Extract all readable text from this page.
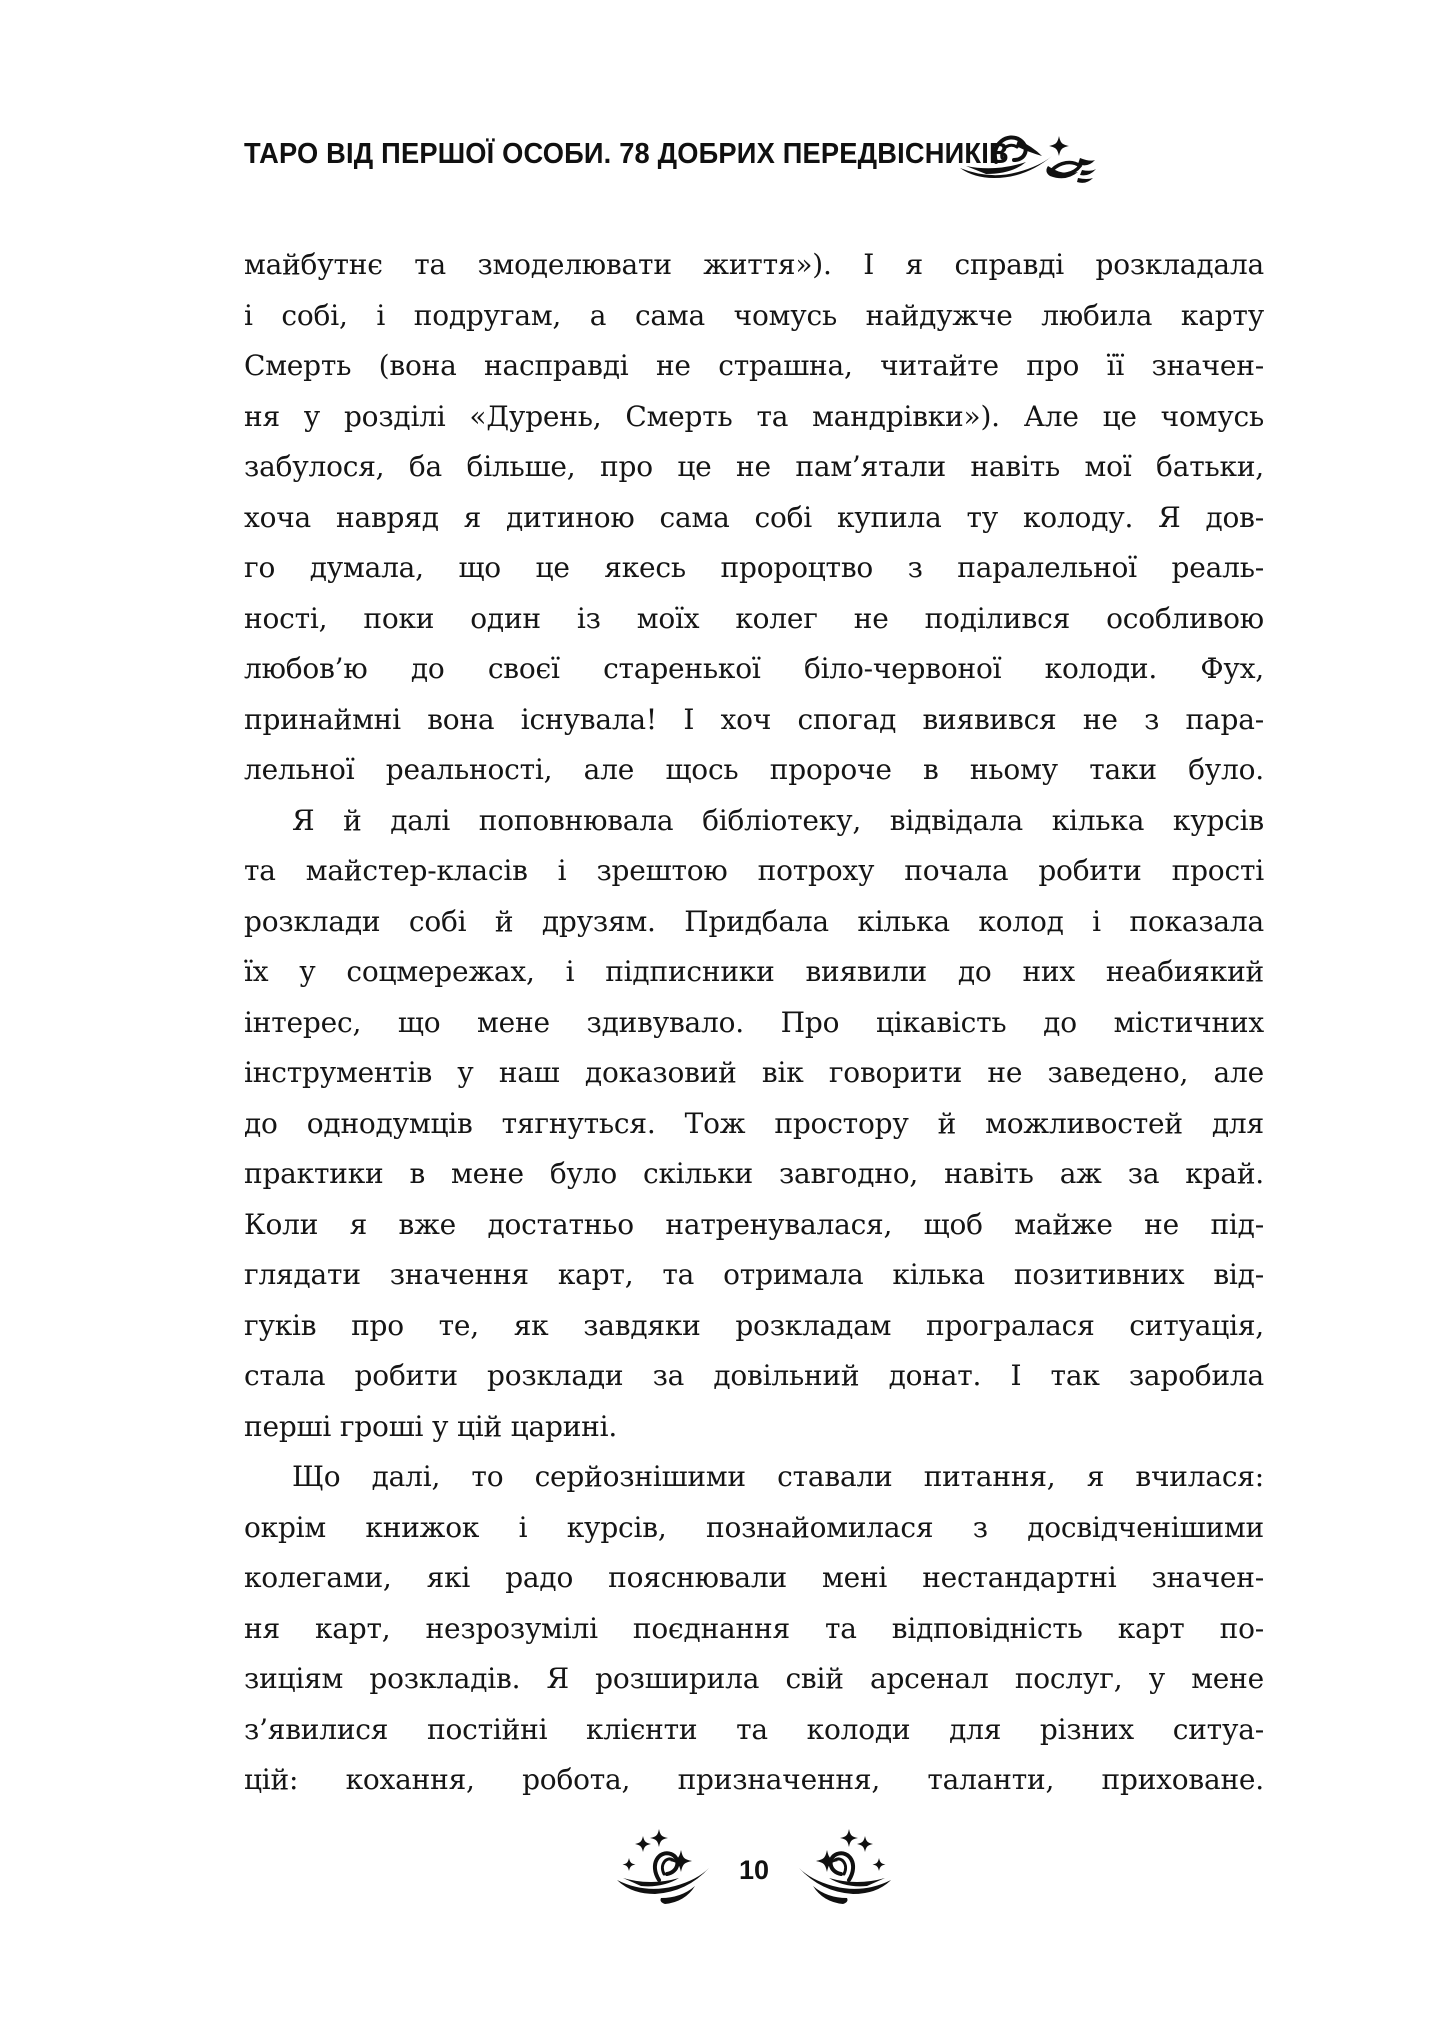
ТАРО ВІД ПЕРШОЇ ОСОБИ. 78 ДОБРИХ ПЕРЕДВІСНИКІВ
майбутнє та змоделювати життя»). І я справді розкладала
і собі, і подругам, а сама чомусь найдужче любила карту
Смерть (вона насправді не страшна, читайте про її значен-
ня у розділі «Дурень, Смерть та мандрівки»). Але це чомусь
забулося, ба більше, про це не пам’ятали навіть мої батьки,
хоча навряд я дитиною сама собі купила ту колоду. Я дов-
го думала, що це якесь пророцтво з паралельної реаль-
ності, поки один із моїх колег не поділився особливою
любов’ю до своєї старенької біло-червоної колоди. Фух,
принаймні вона існувала! І хоч спогад виявився не з пара-
лельної реальності, але щось пророче в ньому таки було.
Я й далі поповнювала бібліотеку, відвідала кілька курсів
та майстер-класів і зрештою потроху почала робити прості
розклади собі й друзям. Придбала кілька колод і показала
їх у соцмережах, і підписники виявили до них неабиякий
інтерес, що мене здивувало. Про цікавість до містичних
інструментів у наш доказовий вік говорити не заведено, але
до однодумців тягнуться. Тож простору й можливостей для
практики в мене було скільки завгодно, навіть аж за край.
Коли я вже достатньо натренувалася, щоб майже не під-
глядати значення карт, та отримала кілька позитивних від-
гуків про те, як завдяки розкладам програлася ситуація,
стала робити розклади за довільний донат. І так заробила
перші гроші у цій царині.
Що далі, то серйознішими ставали питання, я вчилася:
окрім книжок і курсів, познайомилася з досвідченішими
колегами, які радо пояснювали мені нестандартні значен-
ня карт, незрозумілі поєднання та відповідність карт по-
зиціям розкладів. Я розширила свій арсенал послуг, у мене
з’явилися постійні клієнти та колоди для різних ситуа-
цій: кохання, робота, призначення, таланти, приховане.
10
